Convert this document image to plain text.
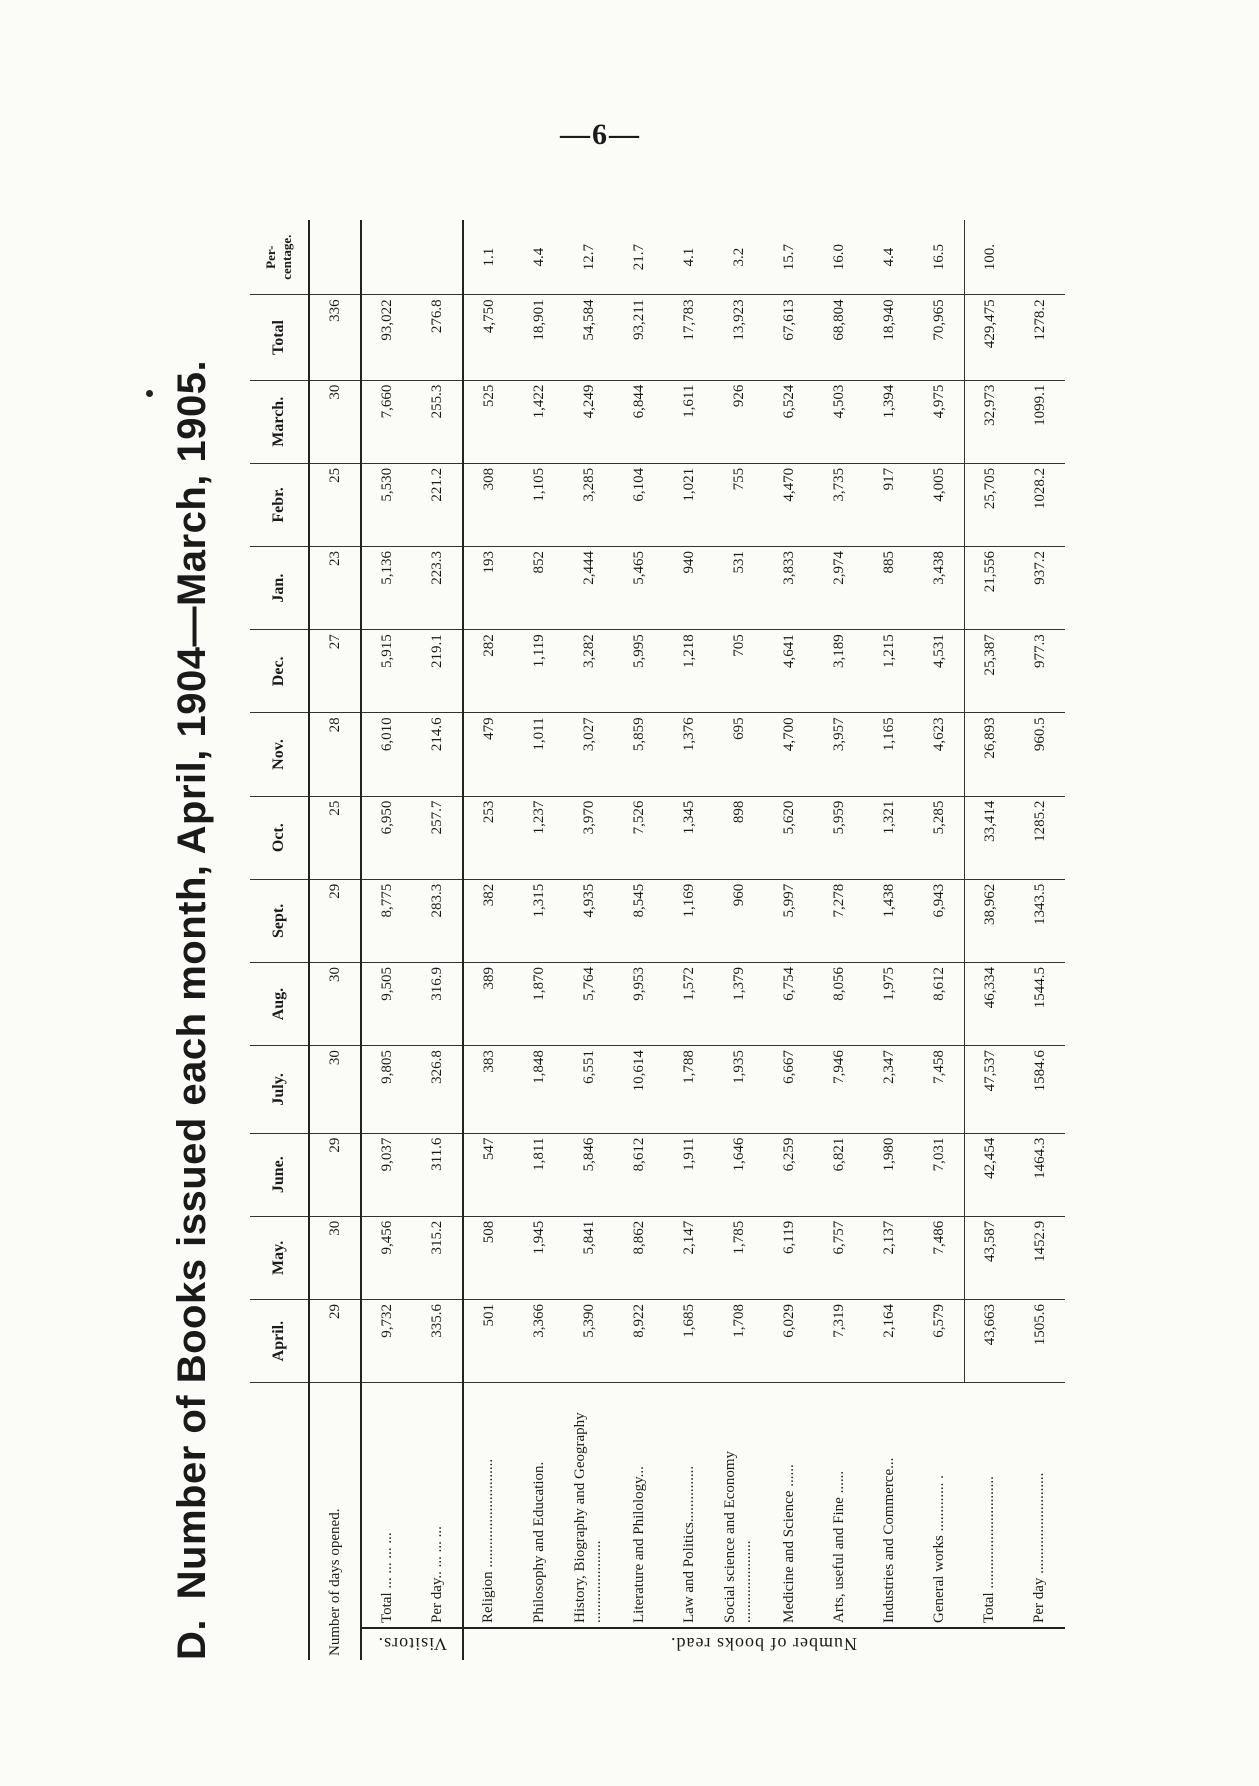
—6—
D. Number of Books issued each month, April, 1904—March, 1905.
			April.	May.	June.	July.	Aug.	Sept.	Oct.	Nov.	Dec.	Jan.	Febr.	March.	Total	Per-centage.
Number of days opened.		29	30	29	30	30	29	25	28	27	23	25	30	336	
Visitors.	Total ... ... ... ...	9,732	9,456	9,037	9,805	9,505	8,775	6,950	6,010	5,915	5,136	5,530	7,660	93,022	
	Per day.. ... ... ...	335.6	315.2	311.6	326.8	316.9	283.3	257.7	214.6	219.1	223.3	221.2	255.3	276.8	
Number of books read.	Religion .............................	501	508	547	383	389	382	253	479	282	193	308	525	4,750	1.1
	Philosophy and Education.	3,366	1,945	1,811	1,848	1,870	1,315	1,237	1,011	1,119	852	1,105	1,422	18,901	4.4
	History, Biography and Geography ......................	5,390	5,841	5,846	6,551	5,764	4,935	3,970	3,027	3,282	2,444	3,285	4,249	54,584	12.7
	Literature and Philology...	8,922	8,862	8,612	10,614	9,953	8,545	7,526	5,859	5,995	5,465	6,104	6,844	93,211	21.7
	Law and Politics...............	1,685	2,147	1,911	1,788	1,572	1,169	1,345	1,376	1,218	940	1,021	1,611	17,783	4.1
	Social science and Economy ......................	1,708	1,785	1,646	1,935	1,379	960	898	695	705	531	755	926	13,923	3.2
	Medicine and Science ......	6,029	6,119	6,259	6,667	6,754	5,997	5,620	4,700	4,641	3,833	4,470	6,524	67,613	15.7
	Arts, useful and Fine ......	7,319	6,757	6,821	7,946	8,056	7,278	5,959	3,957	3,189	2,974	3,735	4,503	68,804	16.0
	Industries and Commerce...	2,164	2,137	1,980	2,347	1,975	1,438	1,321	1,165	1,215	885	917	1,394	18,940	4.4
	General works ............. .	6,579	7,486	7,031	7,458	8,612	6,943	5,285	4,623	4,531	3,438	4,005	4,975	70,965	16.5
	Total ..............................	43,663	43,587	42,454	47,537	46,334	38,962	33,414	26,893	25,387	21,556	25,705	32,973	429,475	100.
	Per day ...........................	1505.6	1452.9	1464.3	1584.6	1544.5	1343.5	1285.2	960.5	977.3	937.2	1028.2	1099.1	1278.2	
